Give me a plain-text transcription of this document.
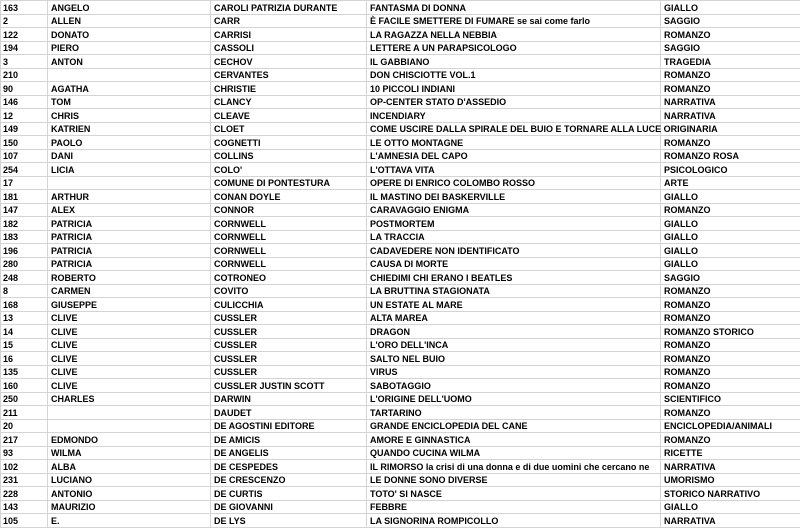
163	ANGELO	CAROLI PATRIZIA DURANTE	FANTASMA DI DONNA	GIALLO
2	ALLEN	CARR	È FACILE SMETTERE DI FUMARE se sai come farlo	SAGGIO
122	DONATO	CARRISI	LA RAGAZZA NELLA NEBBIA	ROMANZO
194	PIERO	CASSOLI	LETTERE A UN PARAPSICOLOGO	SAGGIO
3	ANTON	CECHOV	IL GABBIANO	TRAGEDIA
210		CERVANTES	DON CHISCIOTTE VOL.1	ROMANZO
90	AGATHA	CHRISTIE	10 PICCOLI INDIANI	ROMANZO
146	TOM	CLANCY	OP-CENTER STATO D'ASSEDIO	NARRATIVA
12	CHRIS	CLEAVE	INCENDIARY	NARRATIVA
149	KATRIEN	CLOET	COME USCIRE DALLA SPIRALE DEL BUIO E TORNARE ALLA LUCE ORIGINARIA	
150	PAOLO	COGNETTI	LE OTTO MONTAGNE	ROMANZO
107	DANI	COLLINS	L'AMNESIA DEL CAPO	ROMANZO ROSA
254	LICIA	COLO'	L'OTTAVA VITA	PSICOLOGICO
17		COMUNE DI PONTESTURA	OPERE DI ENRICO COLOMBO ROSSO	ARTE
181	ARTHUR	CONAN DOYLE	IL MASTINO DEI BASKERVILLE	GIALLO
147	ALEX	CONNOR	CARAVAGGIO ENIGMA	ROMANZO
182	PATRICIA	CORNWELL	POSTMORTEM	GIALLO
183	PATRICIA	CORNWELL	LA TRACCIA	GIALLO
196	PATRICIA	CORNWELL	CADAVEDERE NON IDENTIFICATO	GIALLO
280	PATRICIA	CORNWELL	CAUSA DI MORTE	GIALLO
248	ROBERTO	COTRONEO	CHIEDIMI CHI ERANO I BEATLES	SAGGIO
8	CARMEN	COVITO	LA BRUTTINA STAGIONATA	ROMANZO
168	GIUSEPPE	CULICCHIA	UN ESTATE AL MARE	ROMANZO
13	CLIVE	CUSSLER	ALTA MAREA	ROMANZO
14	CLIVE	CUSSLER	DRAGON	ROMANZO STORICO
15	CLIVE	CUSSLER	L'ORO DELL'INCA	ROMANZO
16	CLIVE	CUSSLER	SALTO NEL BUIO	ROMANZO
135	CLIVE	CUSSLER	VIRUS	ROMANZO
160	CLIVE	CUSSLER JUSTIN SCOTT	SABOTAGGIO	ROMANZO
250	CHARLES	DARWIN	L'ORIGINE DELL'UOMO	SCIENTIFICO
211		DAUDET	TARTARINO	ROMANZO
20		DE AGOSTINI EDITORE	GRANDE ENCICLOPEDIA DEL CANE	ENCICLOPEDIA/ANIMALI
217	EDMONDO	DE AMICIS	AMORE E GINNASTICA	ROMANZO
93	WILMA	DE ANGELIS	QUANDO CUCINA WILMA	RICETTE
102	ALBA	DE CESPEDES	IL RIMORSO la crisi di una donna e di due uomini che cercano ne	NARRATIVA
231	LUCIANO	DE CRESCENZO	LE DONNE SONO DIVERSE	UMORISMO
228	ANTONIO	DE CURTIS	TOTO' SI NASCE	STORICO NARRATIVO
143	MAURIZIO	DE GIOVANNI	FEBBRE	GIALLO
105	E.	DE LYS	LA SIGNORINA ROMPICOLLO	NARRATIVA
